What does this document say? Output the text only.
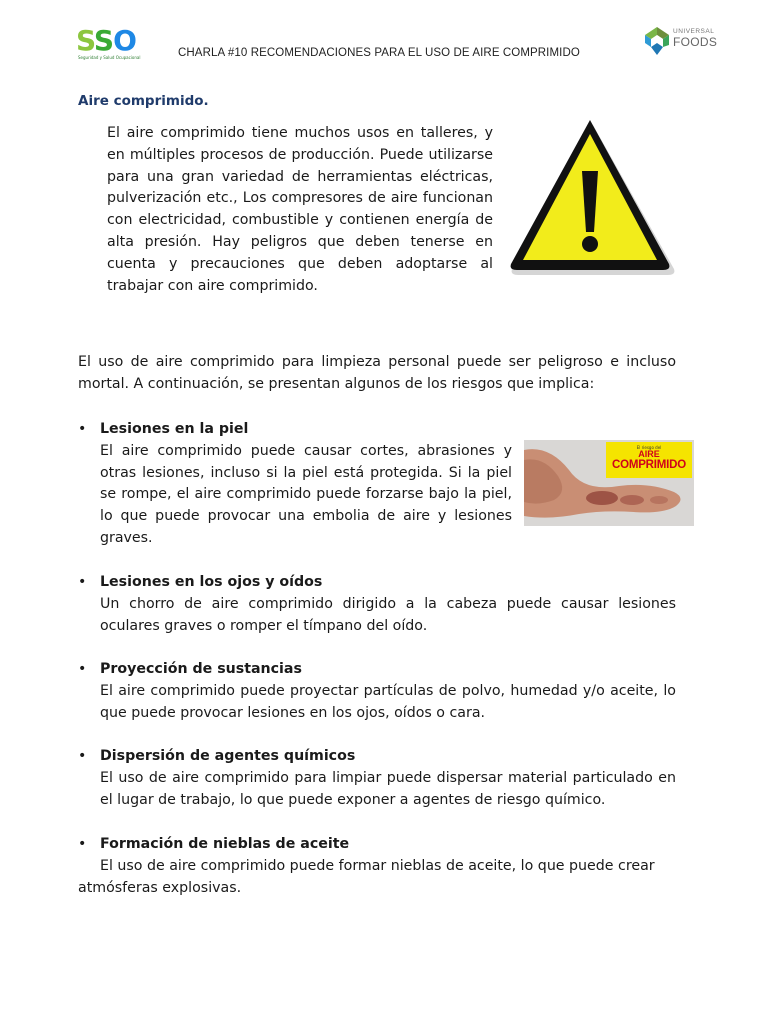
SSO
Seguridad y Salud Ocupacional	CHARLA #10 RECOMENDACIONES PARA EL USO DE AIRE COMPRIMIDO
UNIVERSAL
FOODS
Aire comprimido.
El aire comprimido tiene muchos usos en talleres, y en múltiples procesos de producción. Puede utilizarse para una gran variedad de herramientas eléctricas, pulverización etc., Los compresores de aire funcionan con electricidad, combustible y contienen energía de alta presión. Hay peligros que deben tenerse en cuenta y precauciones que deben adoptarse al trabajar con aire comprimido.
El uso de aire comprimido para limpieza personal puede ser peligroso e incluso mortal. A continuación, se presentan algunos de los riesgos que implica:
• Lesiones en la piel
El aire comprimido puede causar cortes, abrasiones y otras lesiones, incluso si la piel está protegida. Si la piel se rompe, el aire comprimido puede forzarse bajo la piel, lo que puede provocar una embolia de aire y lesiones graves.
El riesgo del
AIRE
COMPRIMIDO
• Lesiones en los ojos y oídos
Un chorro de aire comprimido dirigido a la cabeza puede causar lesiones oculares graves o romper el tímpano del oído.
• Proyección de sustancias
El aire comprimido puede proyectar partículas de polvo, humedad y/o aceite, lo que puede provocar lesiones en los ojos, oídos o cara.
• Dispersión de agentes químicos
El uso de aire comprimido para limpiar puede dispersar material particulado en el lugar de trabajo, lo que puede exponer a agentes de riesgo químico.
• Formación de nieblas de aceite
El uso de aire comprimido puede formar nieblas de aceite, lo que puede crear atmósferas explosivas.
